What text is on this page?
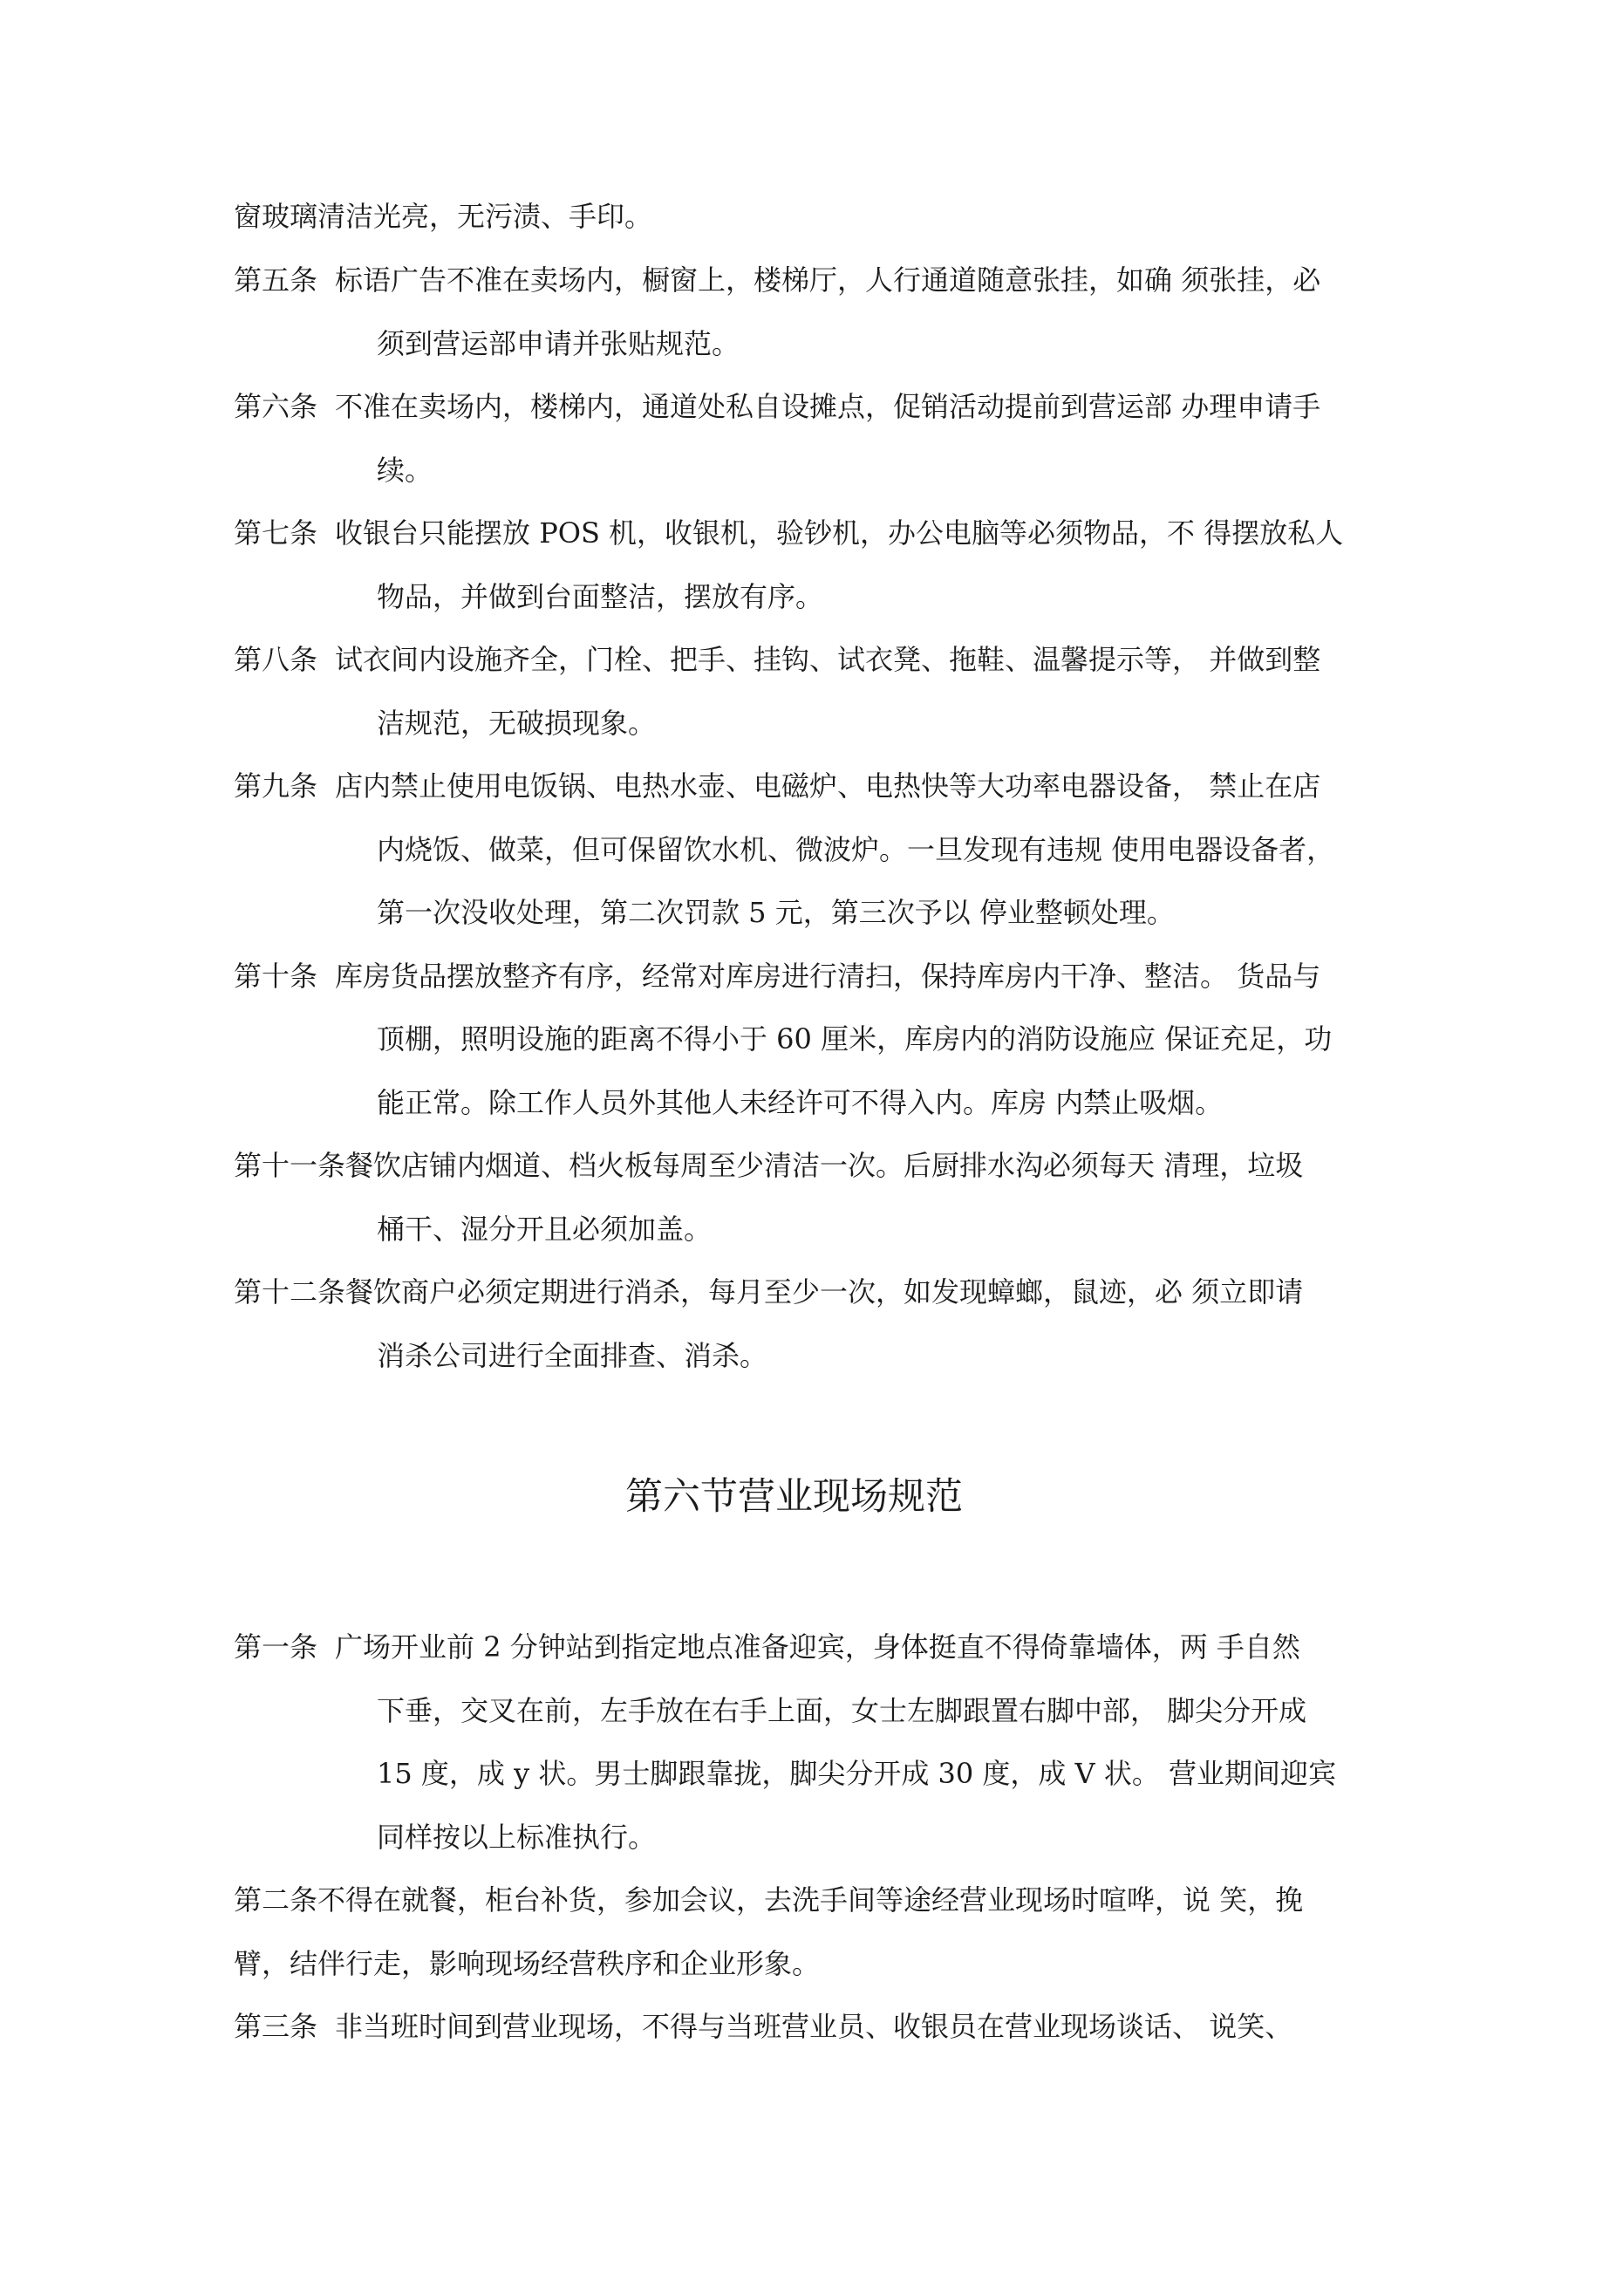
窗玻璃清洁光亮，无污渍、手印。
第五条 标语广告不准在卖场内，橱窗上，楼梯厅，人行通道随意张挂，如确 须张挂，必
须到营运部申请并张贴规范。
第六条 不准在卖场内，楼梯内，通道处私自设摊点，促销活动提前到营运部 办理申请手
续。
第七条 收银台只能摆放 POS 机，收银机，验钞机，办公电脑等必须物品，不 得摆放私人
物品，并做到台面整洁，摆放有序。
第八条 试衣间内设施齐全，门栓、把手、挂钩、试衣凳、拖鞋、温馨提示等， 并做到整
洁规范，无破损现象。
第九条 店内禁止使用电饭锅、电热水壶、电磁炉、电热快等大功率电器设备， 禁止在店
内烧饭、做菜，但可保留饮水机、微波炉。一旦发现有违规 使用电器设备者，
第一次没收处理，第二次罚款 5 元，第三次予以 停业整顿处理。
第十条 库房货品摆放整齐有序，经常对库房进行清扫，保持库房内干净、整洁。 货品与
顶棚，照明设施的距离不得小于 60 厘米，库房内的消防设施应 保证充足，功
能正常。除工作人员外其他人未经许可不得入内。库房 内禁止吸烟。
第十一条餐饮店铺内烟道、档火板每周至少清洁一次。后厨排水沟必须每天 清理，垃圾
桶干、湿分开且必须加盖。
第十二条餐饮商户必须定期进行消杀，每月至少一次，如发现蟑螂，鼠迹，必 须立即请
消杀公司进行全面排查、消杀。
第六节营业现场规范
第一条 广场开业前 2 分钟站到指定地点准备迎宾，身体挺直不得倚靠墙体，两 手自然
下垂，交叉在前，左手放在右手上面，女士左脚跟置右脚中部， 脚尖分开成
15 度，成 y 状。男士脚跟靠拢，脚尖分开成 30 度，成 V 状。 营业期间迎宾
同样按以上标准执行。
第二条不得在就餐，柜台补货，参加会议，去洗手间等途经营业现场时喧哗，说 笑，挽
臂，结伴行走，影响现场经营秩序和企业形象。
第三条 非当班时间到营业现场，不得与当班营业员、收银员在营业现场谈话、 说笑、
